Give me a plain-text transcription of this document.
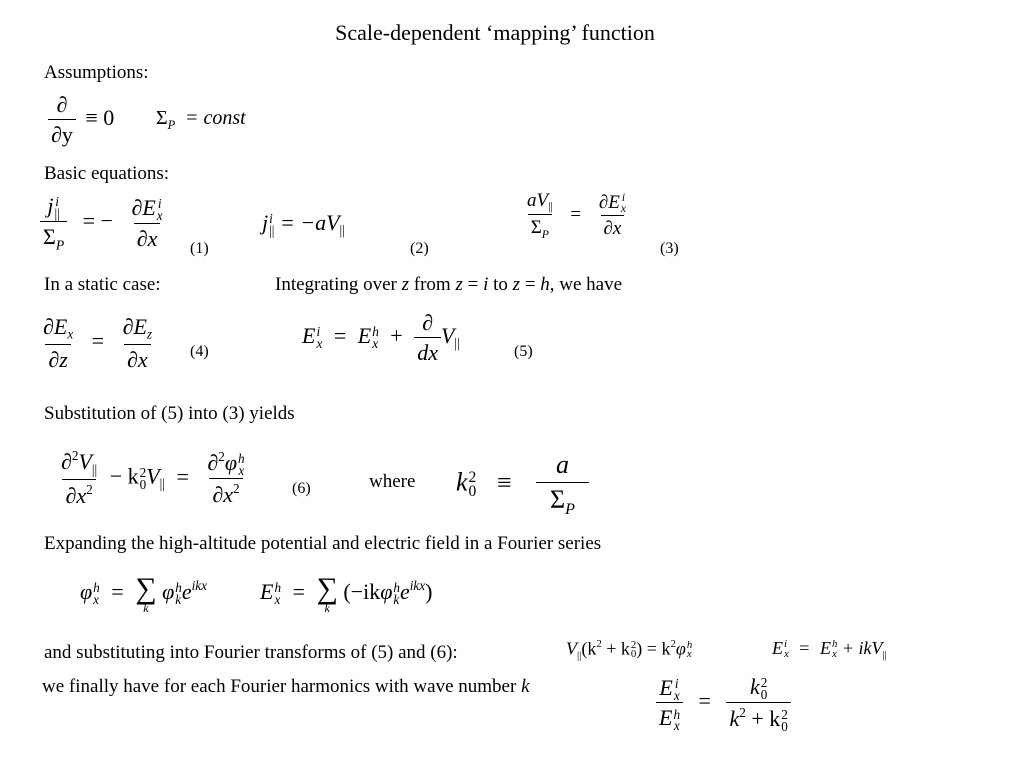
Scale-dependent ‘mapping’ function
Assumptions:
$\frac{\partial}{\partial y} \equiv 0$ $\Sigma_P$ = const
Basic equations:
j i
||
$\Sigma_P$ = − ∂E i
x
∂x (1)
j i
|| = $-aV_{||}$
(2)
$\frac{aV_{||}}{\Sigma_P} = \partial E$ i
x
∂x
(3)
In a static case:	Integrating over z from z = i to z = h, we have
$\frac{\partial E_x}{\partial z} = \frac{\partial E_z}{\partial x} (4)$
E i
x = E h
$x + \frac{\partial}{dx} V_{||}$	(5)
Substitution of (5) into (3) yields
$\frac{\partial^2V_{||}}{\partial x^2} - k$ 2
0 $V_{||} = \partial^2\varphi$ h
x
$\partial x^2$	(6)	where k 2
$0 \equiv \frac{a}{\Sigma_P}$
Expanding the high-altitude potential and electric field in a Fourier series
φ h
x = ∑
k
φ h
k $e^{ikx}$ E h
x = ∑
k
(−ikφ h
k $e^{ikx}$)
and substituting into Fourier transforms of (5) and (6):	$V_{||}(k^2 + k$ 2
0 ) = $k^2\varphi$ h
x	E i
x = E h
x + ikV$_{||}$
we finally have for each Fourier harmonics with wave number k	E i
x
E h
x = k 2
0
$k^2 + k$ 2
0
